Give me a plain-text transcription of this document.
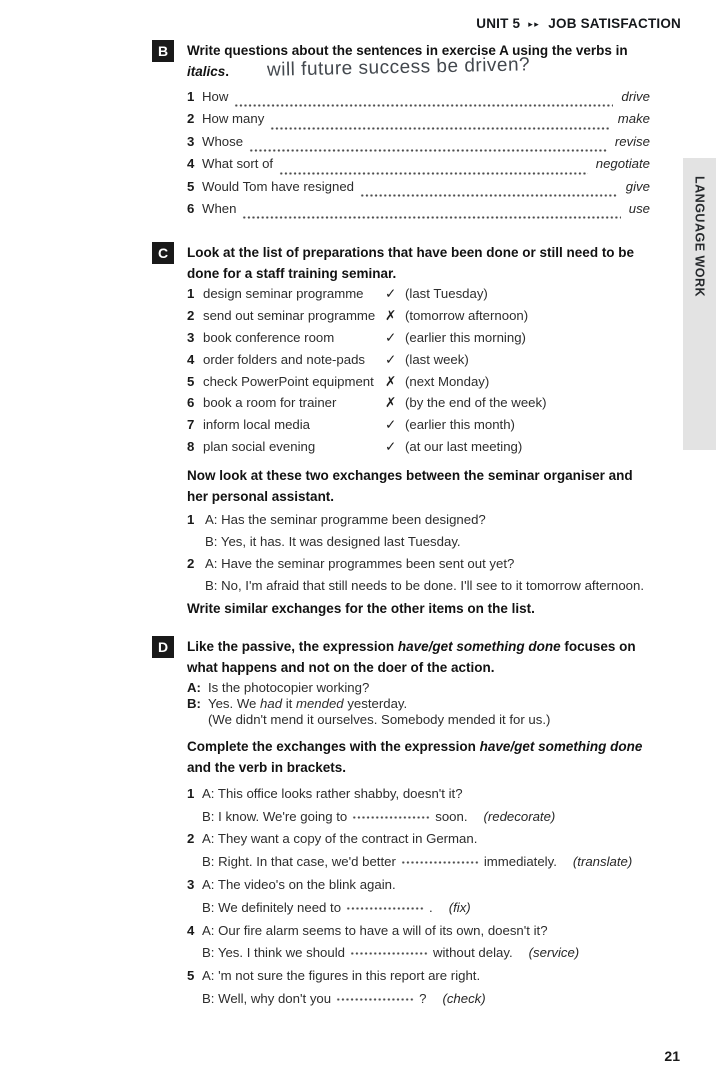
UNIT 5 ▸▸ JOB SATISFACTION
LANGUAGE WORK
21
B	Write questions about the sentences in exercise A using the verbs in italics.	will future success be driven?
1 How	drive
2 How many	make
3 Whose	revise
4 What sort of	negotiate
5 Would Tom have resigned	give
6 When	use
C	Look at the list of preparations that have been done or still need to be done for a staff training seminar.
1 design seminar programme	✓ (last Tuesday)
2 send out seminar programme ✗ (tomorrow afternoon)
3 book conference room	✓ (earlier this morning)
4 order folders and note-pads	✓ (last week)
5 check PowerPoint equipment ✗ (next Monday)
6 book a room for trainer	✗ (by the end of the week)
7 inform local media	✓ (earlier this month)
8 plan social evening	✓ (at our last meeting)
Now look at these two exchanges between the seminar organiser and her personal assistant.
1 A: Has the seminar programme been designed?
B: Yes, it has. It was designed last Tuesday.
2 A: Have the seminar programmes been sent out yet?
B: No, I'm afraid that still needs to be done. I'll see to it tomorrow afternoon.
Write similar exchanges for the other items on the list.
D	Like the passive, the expression have/get something done focuses on what happens and not on the doer of the action.
A: Is the photocopier working?
B: Yes. We had it mended yesterday.
(We didn't mend it ourselves. Somebody mended it for us.)
Complete the exchanges with the expression have/get something done and the verb in brackets.
1 A: This office looks rather shabby, doesn't it?
B: I know. We're going to	soon. (redecorate)
2 A: They want a copy of the contract in German.
B: Right. In that case, we'd better	immediately. (translate)
3 A: The video's on the blink again.
B: We definitely need to	. (fix)
4 A: Our fire alarm seems to have a will of its own, doesn't it?
B: Yes. I think we should	without delay. (service)
5 A: 'm not sure the figures in this report are right.
B: Well, why don't you	? (check)
